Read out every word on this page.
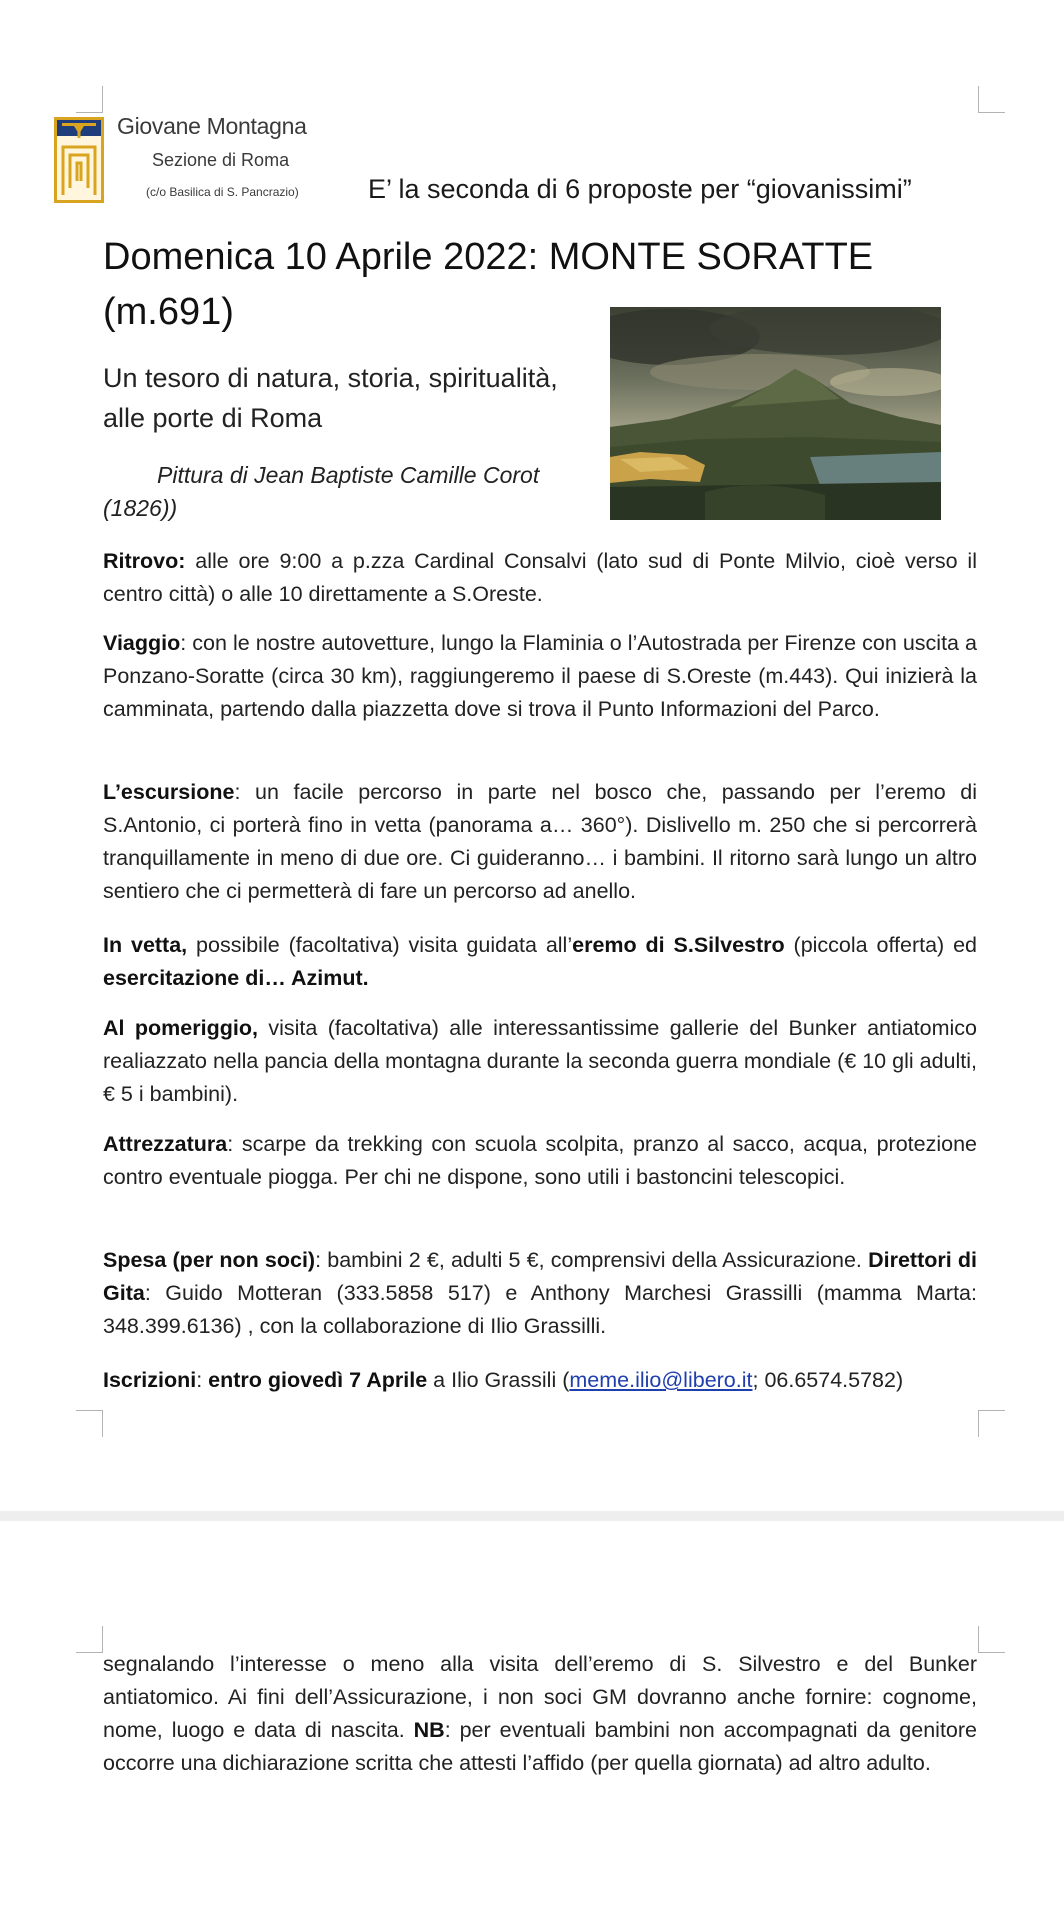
Giovane Montagna
Sezione di Roma
(c/o Basilica di S. Pancrazio)	E’ la seconda di 6 proposte per “giovanissimi”
Domenica 10 Aprile 2022: MONTE SORATTE (m.691)
Un tesoro di natura, storia, spiritualità, alle porte di Roma
Pittura di Jean Baptiste Camille Corot (1826))

Ritrovo: alle ore 9:00 a p.zza Cardinal Consalvi (lato sud di Ponte Milvio, cioè verso il centro città) o alle 10 direttamente a S.Oreste.

Viaggio: con le nostre autovetture, lungo la Flaminia o l’Autostrada per Firenze con uscita a Ponzano-Soratte (circa 30 km), raggiungeremo il paese di S.Oreste (m.443). Qui inizierà la camminata, partendo dalla piazzetta dove si trova il Punto Informazioni del Parco.

L’escursione: un facile percorso in parte nel bosco che, passando per l’eremo di S.Antonio, ci porterà fino in vetta (panorama a… 360°). Dislivello m. 250 che si percorrerà tranquillamente in meno di due ore. Ci guideranno… i bambini. Il ritorno sarà lungo un altro sentiero che ci permetterà di fare un percorso ad anello.

In vetta, possibile (facoltativa) visita guidata all’eremo di S.Silvestro (piccola offerta) ed esercitazione di… Azimut.

Al pomeriggio, visita (facoltativa) alle interessantissime gallerie del Bunker antiatomico realiazzato nella pancia della montagna durante la seconda guerra mondiale (€ 10 gli adulti, € 5 i bambini).

Attrezzatura: scarpe da trekking con scuola scolpita, pranzo al sacco, acqua, protezione contro eventuale piogga. Per chi ne dispone, sono utili i bastoncini telescopici.

Spesa (per non soci): bambini 2 €, adulti 5 €, comprensivi della Assicurazione. Direttori di Gita: Guido Motteran (333.5858 517) e Anthony Marchesi Grassilli (mamma Marta: 348.399.6136) , con la collaborazione di Ilio Grassilli.

Iscrizioni: entro giovedì 7 Aprile a Ilio Grassili (meme.ilio@libero.it; 06.6574.5782)

segnalando l’interesse o meno alla visita dell’eremo di S. Silvestro e del Bunker antiatomico. Ai fini dell’Assicurazione, i non soci GM dovranno anche fornire: cognome, nome, luogo e data di nascita. NB: per eventuali bambini non accompagnati da genitore occorre una dichiarazione scritta che attesti l’affido (per quella giornata) ad altro adulto.
